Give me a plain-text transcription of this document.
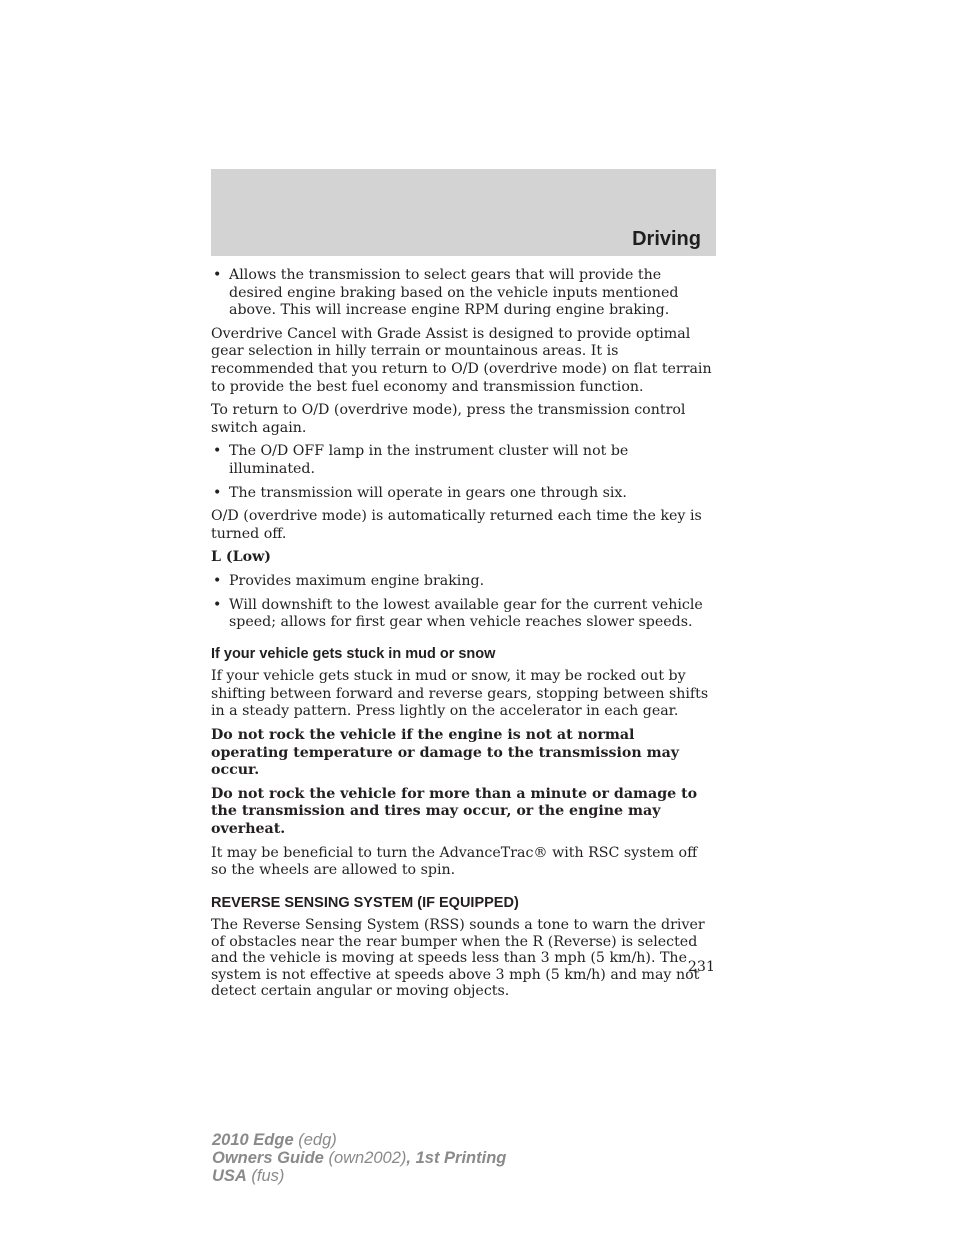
Driving
• Allows the transmission to select gears that will provide the desired engine braking based on the vehicle inputs mentioned above. This will increase engine RPM during engine braking.

Overdrive Cancel with Grade Assist is designed to provide optimal gear selection in hilly terrain or mountainous areas. It is recommended that you return to O/D (overdrive mode) on flat terrain to provide the best fuel economy and transmission function.

To return to O/D (overdrive mode), press the transmission control switch again.

• The O/D OFF lamp in the instrument cluster will not be illuminated.
• The transmission will operate in gears one through six.

O/D (overdrive mode) is automatically returned each time the key is turned off.

L (Low)

• Provides maximum engine braking.
• Will downshift to the lowest available gear for the current vehicle speed; allows for first gear when vehicle reaches slower speeds.
If your vehicle gets stuck in mud or snow

If your vehicle gets stuck in mud or snow, it may be rocked out by shifting between forward and reverse gears, stopping between shifts in a steady pattern. Press lightly on the accelerator in each gear.

Do not rock the vehicle if the engine is not at normal operating temperature or damage to the transmission may occur.

Do not rock the vehicle for more than a minute or damage to the transmission and tires may occur, or the engine may overheat.

It may be beneficial to turn the AdvanceTrac® with RSC system off so the wheels are allowed to spin.

REVERSE SENSING SYSTEM (IF EQUIPPED)

The Reverse Sensing System (RSS) sounds a tone to warn the driver of obstacles near the rear bumper when the R (Reverse) is selected and the vehicle is moving at speeds less than 3 mph (5 km/h). The system is not effective at speeds above 3 mph (5 km/h) and may not detect certain angular or moving objects.

231
2010 Edge (edg)
Owners Guide (own2002), 1st Printing
USA (fus)
